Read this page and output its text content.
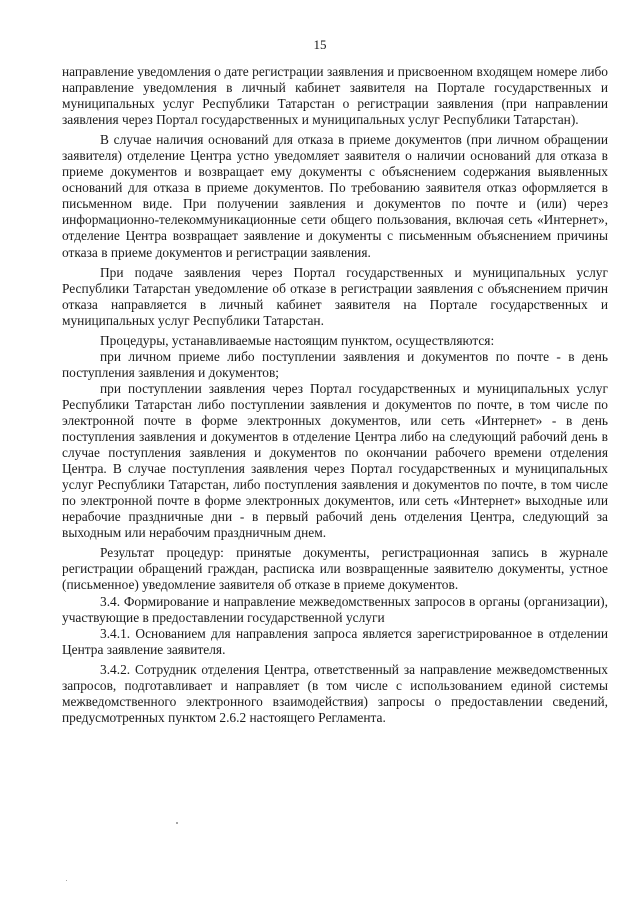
15

направление уведомления о дате регистрации заявления и присвоенном входящем номере либо направление уведомления в личный кабинет заявителя на Портале государственных и муниципальных услуг Республики Татарстан о регистрации заявления (при направлении заявления через Портал государственных и муниципальных услуг Республики Татарстан).

В случае наличия оснований для отказа в приеме документов (при личном обращении заявителя) отделение Центра устно уведомляет заявителя о наличии оснований для отказа в приеме документов и возвращает ему документы с объяснением содержания выявленных оснований для отказа в приеме документов. По требованию заявителя отказ оформляется в письменном виде. При получении заявления и документов по почте и (или) через информационно-телекоммуникационные сети общего пользования, включая сеть «Интернет», отделение Центра возвращает заявление и документы с письменным объяснением причины отказа в приеме документов и регистрации заявления.

При подаче заявления через Портал государственных и муниципальных услуг Республики Татарстан уведомление об отказе в регистрации заявления с объяснением причин отказа направляется в личный кабинет заявителя на Портале государственных и муниципальных услуг Республики Татарстан.

Процедуры, устанавливаемые настоящим пунктом, осуществляются:

при личном приеме либо поступлении заявления и документов по почте - в день поступления заявления и документов;

при поступлении заявления через Портал государственных и муниципальных услуг Республики Татарстан либо поступлении заявления и документов по почте, в том числе по электронной почте в форме электронных документов, или сеть «Интернет» - в день поступления заявления и документов в отделение Центра либо на следующий рабочий день в случае поступления заявления и документов по окончании рабочего времени отделения Центра. В случае поступления заявления через Портал государственных и муниципальных услуг Республики Татарстан, либо поступления заявления и документов по почте, в том числе по электронной почте в форме электронных документов, или сеть «Интернет» выходные или нерабочие праздничные дни - в первый рабочий день отделения Центра, следующий за выходным или нерабочим праздничным днем.

Результат процедур: принятые документы, регистрационная запись в журнале регистрации обращений граждан, расписка или возвращенные заявителю документы, устное (письменное) уведомление заявителя об отказе в приеме документов.

3.4. Формирование и направление межведомственных запросов в органы (организации), участвующие в предоставлении государственной услуги

3.4.1. Основанием для направления запроса является зарегистрированное в отделении Центра заявление заявителя.

3.4.2. Сотрудник отделения Центра, ответственный за направление межведомственных запросов, подготавливает и направляет (в том числе с использованием единой системы межведомственного электронного взаимодействия) запросы о предоставлении сведений, предусмотренных пунктом 2.6.2 настоящего Регламента.
